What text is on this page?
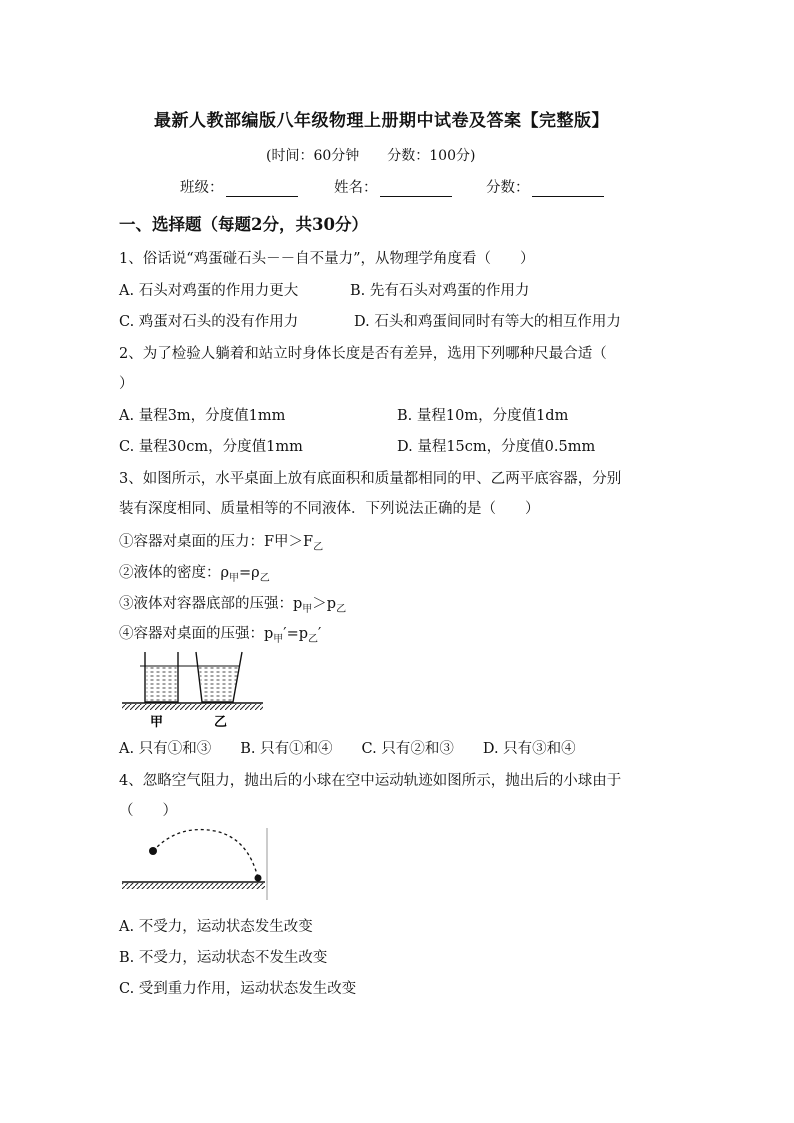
最新人教部编版八年级物理上册期中试卷及答案【完整版】
(时间：60分钟　　分数：100分)
班级：	姓名：	分数：
一、选择题（每题2分，共30分）
1、俗话说“鸡蛋碰石头－－自不量力”，从物理学角度看（　　）
A. 石头对鸡蛋的作用力更大	B. 先有石头对鸡蛋的作用力
C. 鸡蛋对石头的没有作用力	D. 石头和鸡蛋间同时有等大的相互作用力
2、为了检验人躺着和站立时身体长度是否有差异，选用下列哪种尺最合适（
）
A. 量程3m，分度值1mm	B. 量程10m，分度值1dm
C. 量程30cm，分度值1mm	D. 量程15cm，分度值0.5mm
3、如图所示，水平桌面上放有底面积和质量都相同的甲、乙两平底容器，分别
装有深度相同、质量相等的不同液体．下列说法正确的是（　　）
①容器对桌面的压力：F甲$>F_乙$
②液体的密度：$\rho_甲=\rho_乙$
③液体对容器底部的压强：$p_甲>p_乙$
④容器对桌面的压强：$p_甲'=p_乙'$
甲	乙
A. 只有①和③　　B. 只有①和④　　C. 只有②和③　　D. 只有③和④
4、忽略空气阻力，抛出后的小球在空中运动轨迹如图所示，抛出后的小球由于
（　　）
A. 不受力，运动状态发生改变
B. 不受力，运动状态不发生改变
C. 受到重力作用，运动状态发生改变
